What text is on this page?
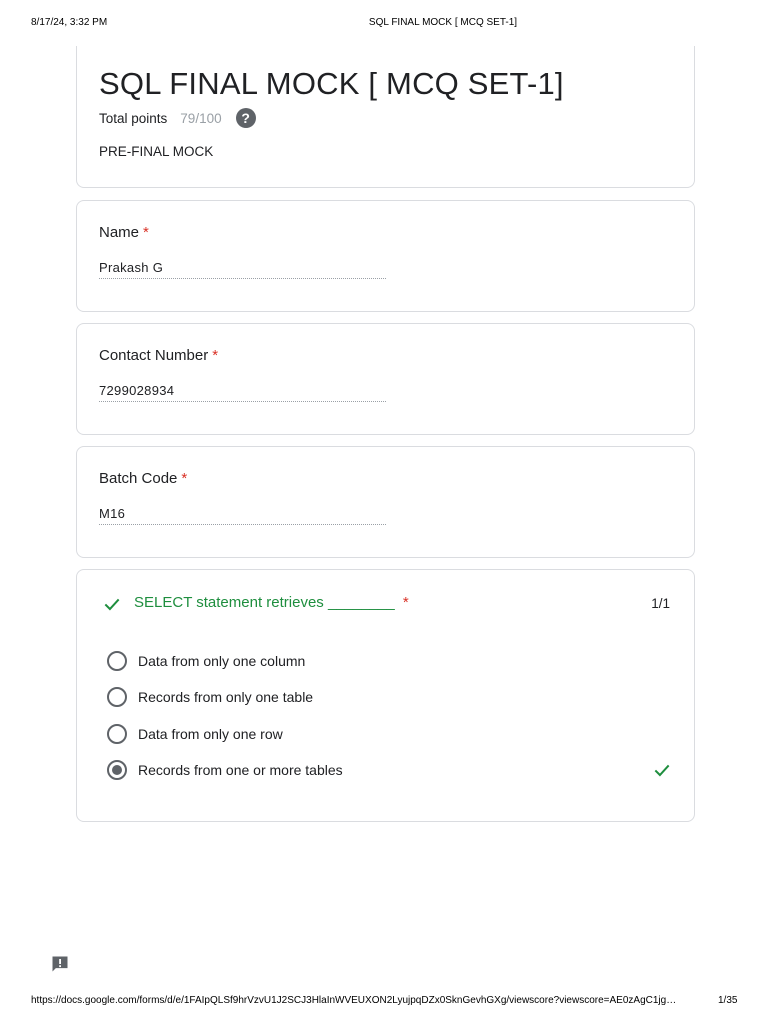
8/17/24, 3:32 PM	SQL FINAL MOCK [ MCQ SET-1]
SQL FINAL MOCK [ MCQ SET-1]
Total points 79/100	?
PRE-FINAL MOCK
Name *
Prakash G
Contact Number *
7299028934
Batch Code *
M16
SELECT statement retrieves ________ *	1/1
Data from only one column
Records from only one table
Data from only one row
Records from one or more tables
https://docs.google.com/forms/d/e/1FAIpQLSf9hrVzvU1J2SCJ3HlaInWVEUXON2LyujpqDZx0SknGevhGXg/viewscore?viewscore=AE0zAgC1jg…	1/35
